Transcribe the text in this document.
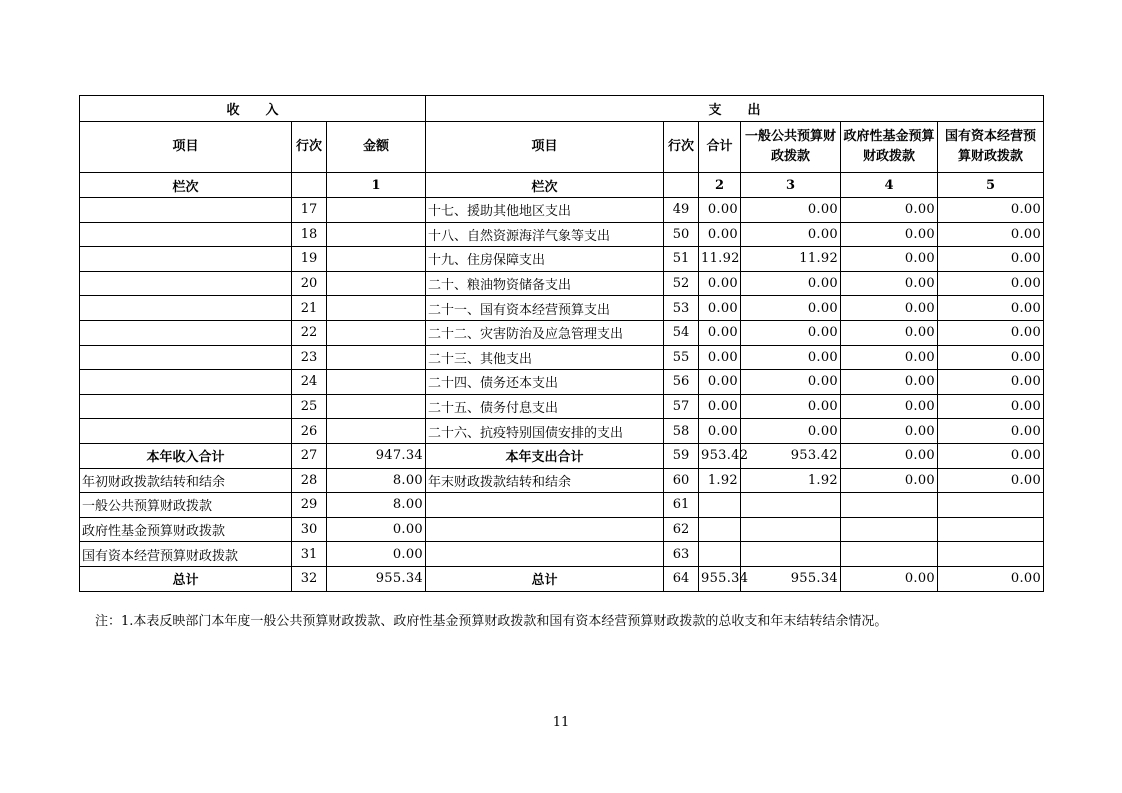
收　　入			支　　出					
项目	行次	金额	项目	行次	合计	一般公共预算财政拨款	政府性基金预算财政拨款	国有资本经营预算财政拨款
栏次		1	栏次		2	3	4	5
	17		十七、援助其他地区支出	49	0.00	0.00	0.00	0.00
	18		十八、自然资源海洋气象等支出	50	0.00	0.00	0.00	0.00
	19		十九、住房保障支出	51	11.92	11.92	0.00	0.00
	20		二十、粮油物资储备支出	52	0.00	0.00	0.00	0.00
	21		二十一、国有资本经营预算支出	53	0.00	0.00	0.00	0.00
	22		二十二、灾害防治及应急管理支出	54	0.00	0.00	0.00	0.00
	23		二十三、其他支出	55	0.00	0.00	0.00	0.00
	24		二十四、债务还本支出	56	0.00	0.00	0.00	0.00
	25		二十五、债务付息支出	57	0.00	0.00	0.00	0.00
	26		二十六、抗疫特别国债安排的支出	58	0.00	0.00	0.00	0.00
本年收入合计	27	947.34	本年支出合计	59	953.42	953.42	0.00	0.00
年初财政拨款结转和结余	28	8.00	年末财政拨款结转和结余	60	1.92	1.92	0.00	0.00
一般公共预算财政拨款	29	8.00		61				
政府性基金预算财政拨款	30	0.00		62				
国有资本经营预算财政拨款	31	0.00		63				
总计	32	955.34	总计	64	955.34	955.34	0.00	0.00
注：1.本表反映部门本年度一般公共预算财政拨款、政府性基金预算财政拨款和国有资本经营预算财政拨款的总收支和年末结转结余情况。
11
